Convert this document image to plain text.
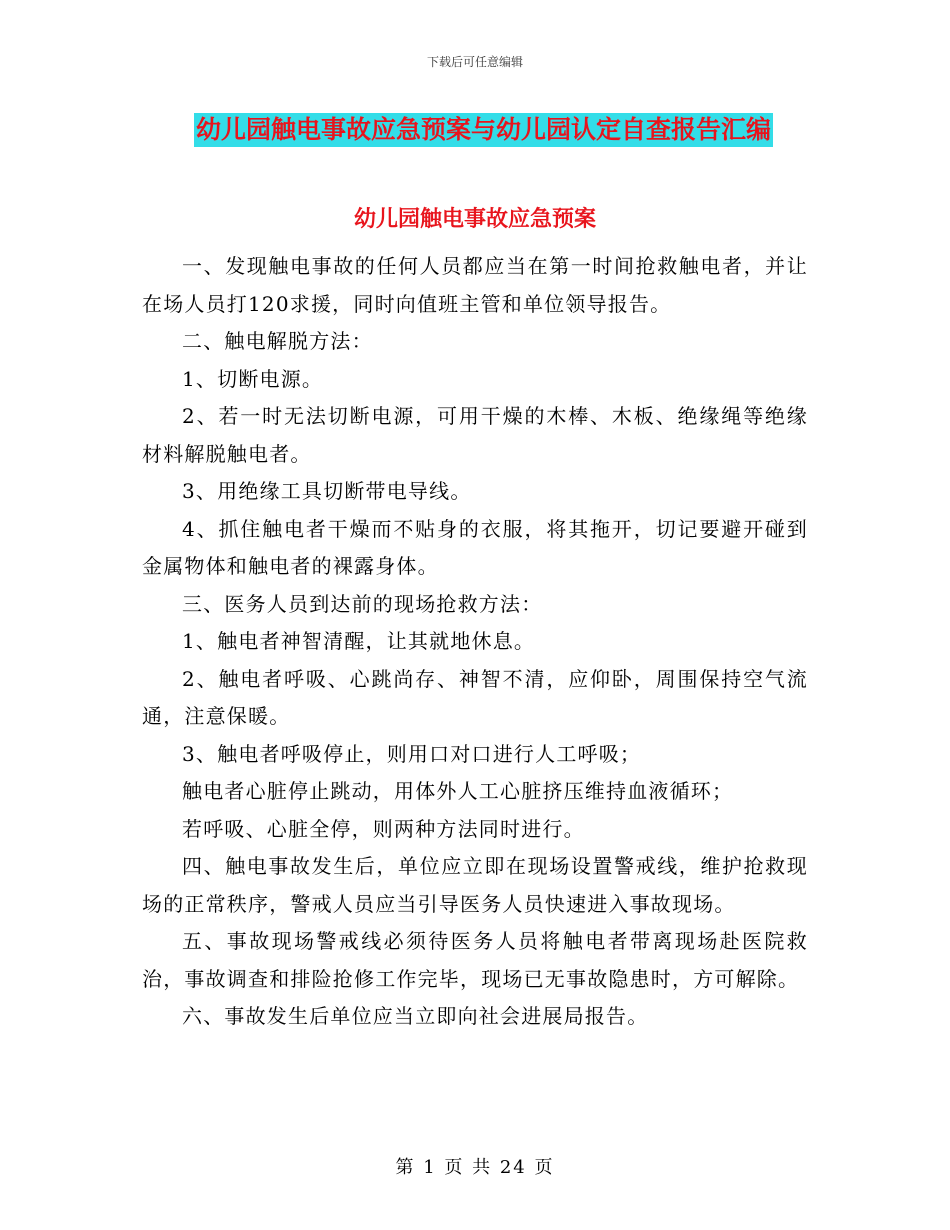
下载后可任意编辑
幼儿园触电事故应急预案与幼儿园认定自查报告汇编
幼儿园触电事故应急预案

一、发现触电事故的任何人员都应当在第一时间抢救触电者，并让在场人员打120求援，同时向值班主管和单位领导报告。

二、触电解脱方法：

1、切断电源。

2、若一时无法切断电源，可用干燥的木棒、木板、绝缘绳等绝缘材料解脱触电者。

3、用绝缘工具切断带电导线。

4、抓住触电者干燥而不贴身的衣服，将其拖开，切记要避开碰到金属物体和触电者的裸露身体。

三、医务人员到达前的现场抢救方法：

1、触电者神智清醒，让其就地休息。

2、触电者呼吸、心跳尚存、神智不清，应仰卧，周围保持空气流通，注意保暖。

3、触电者呼吸停止，则用口对口进行人工呼吸；

触电者心脏停止跳动，用体外人工心脏挤压维持血液循环；

若呼吸、心脏全停，则两种方法同时进行。

四、触电事故发生后，单位应立即在现场设置警戒线，维护抢救现场的正常秩序，警戒人员应当引导医务人员快速进入事故现场。

五、事故现场警戒线必须待医务人员将触电者带离现场赴医院救治，事故调查和排险抢修工作完毕，现场已无事故隐患时，方可解除。

六、事故发生后单位应当立即向社会进展局报告。

第 1 页 共 24 页
